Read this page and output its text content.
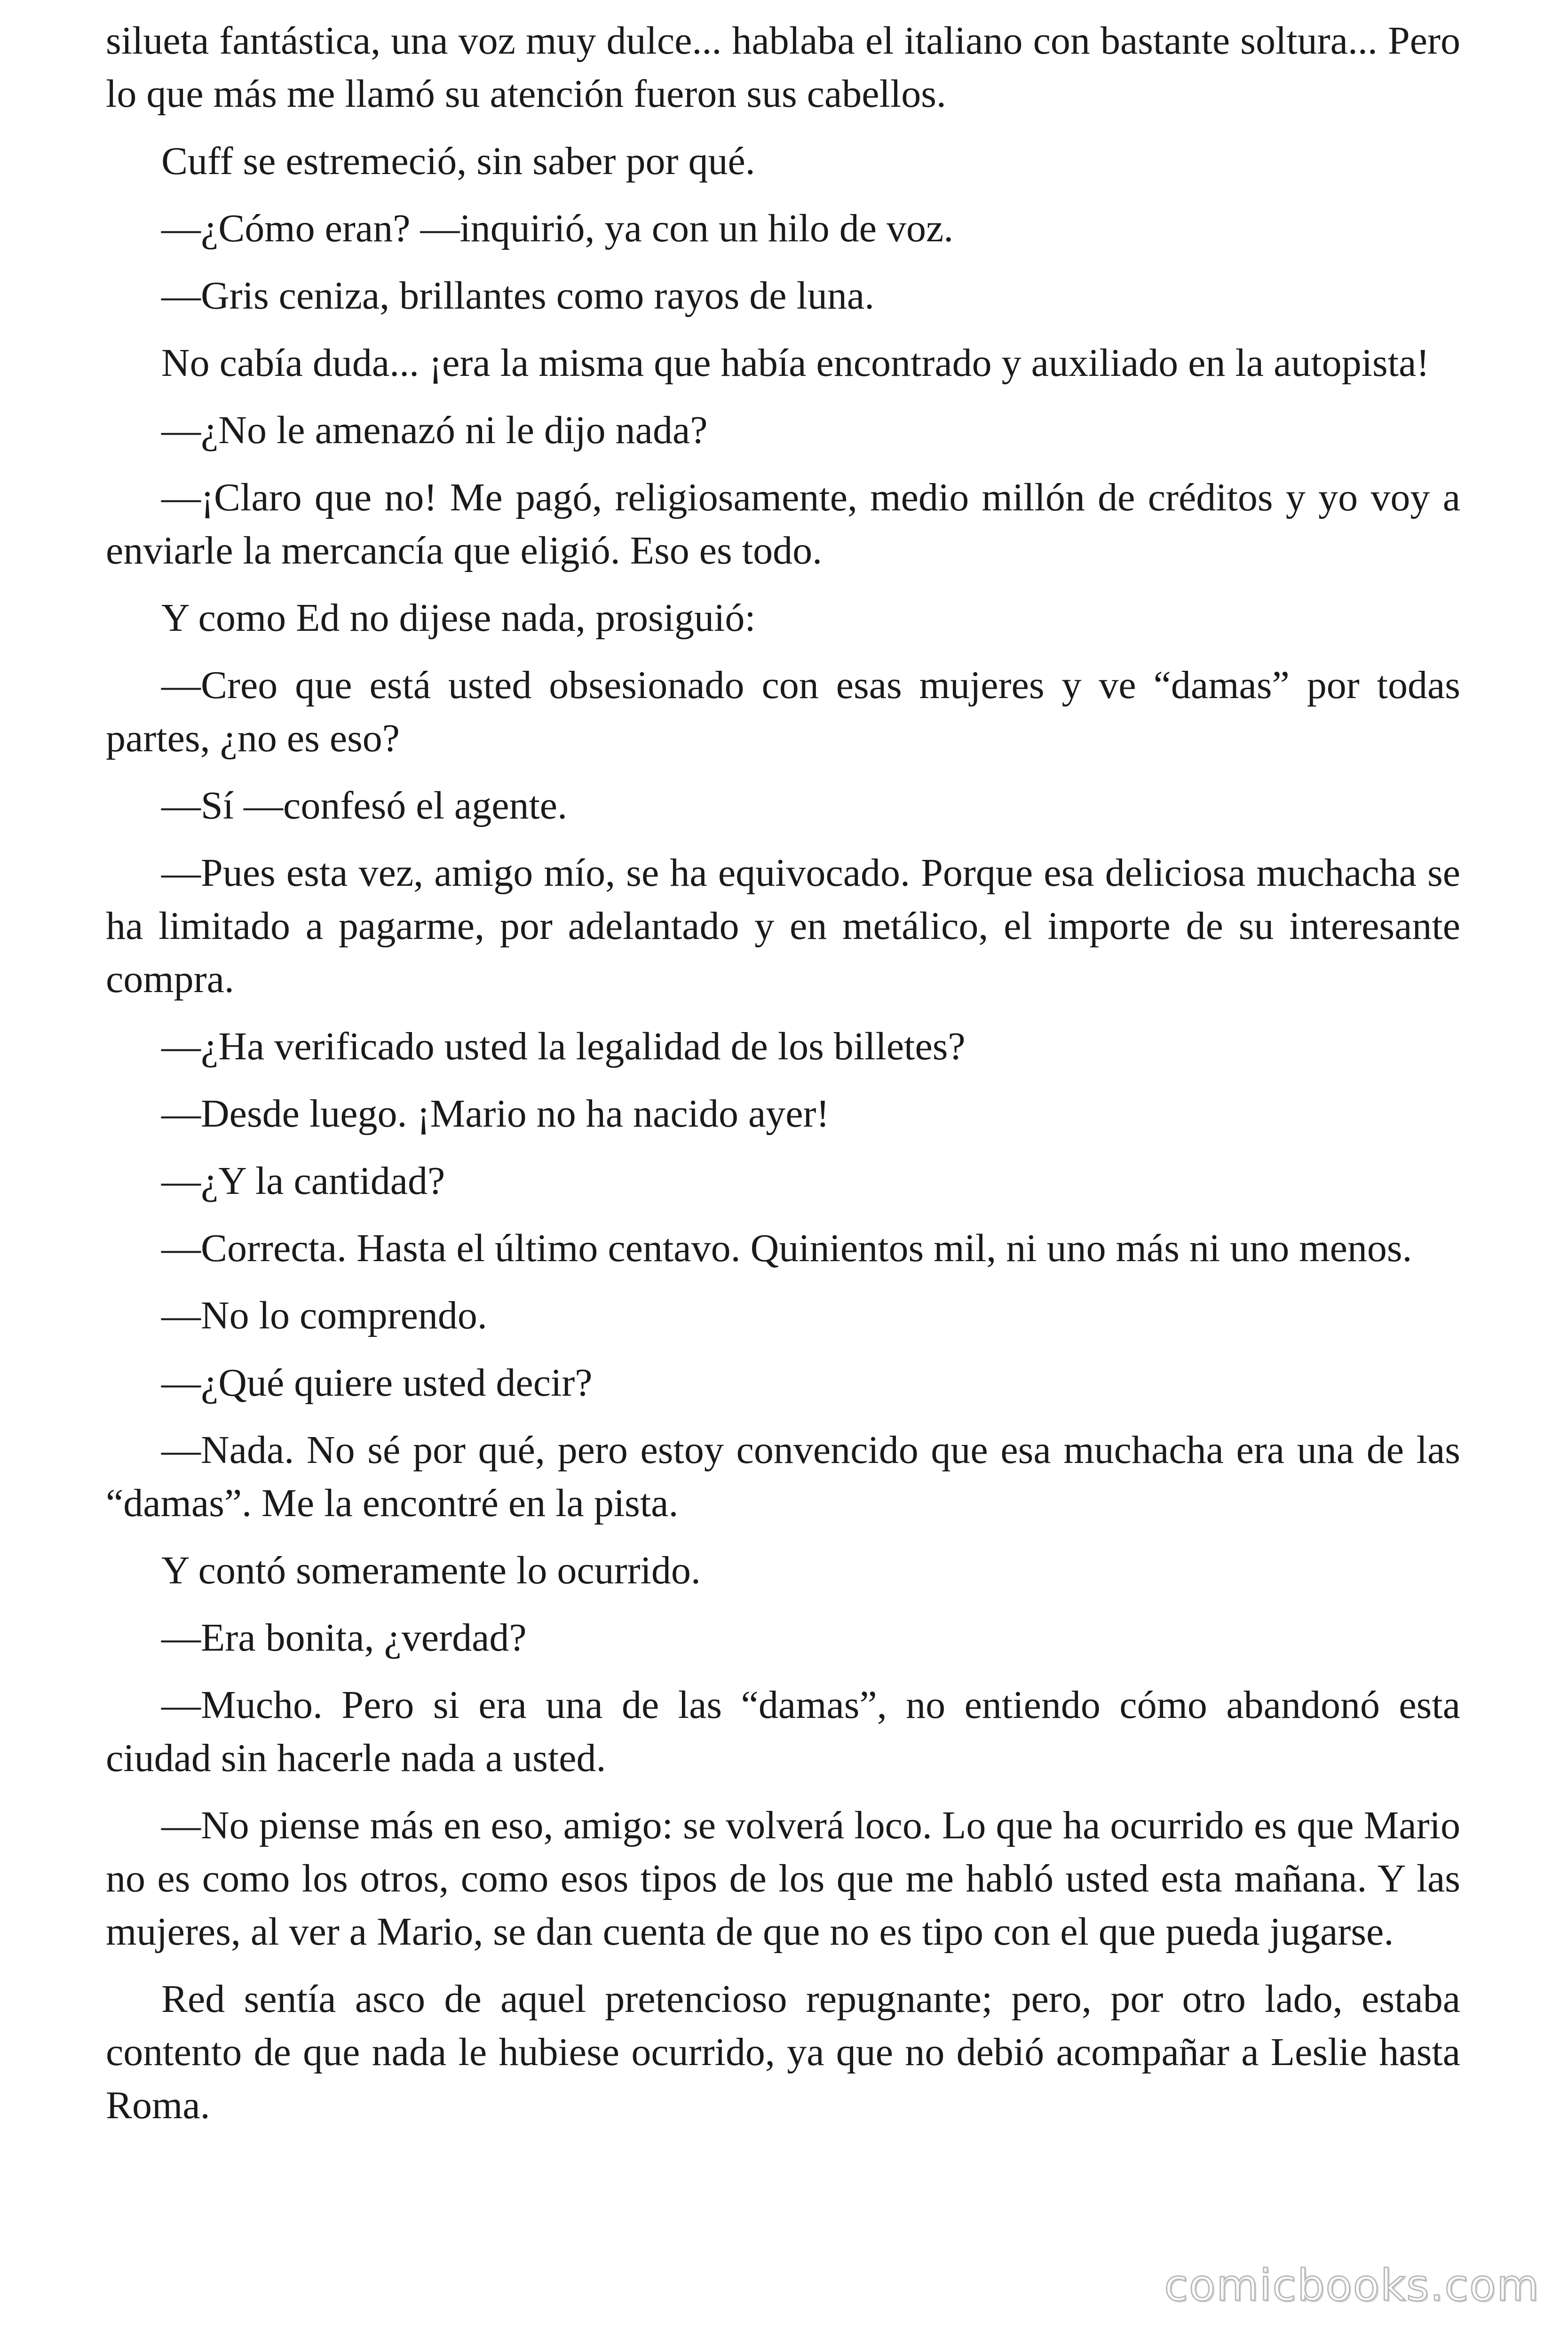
silueta fantástica, una voz muy dulce... hablaba el italiano con bastante soltura... Pero lo que más me llamó su atención fueron sus cabellos.

Cuff se estremeció, sin saber por qué.

—¿Cómo eran? —inquirió, ya con un hilo de voz.

—Gris ceniza, brillantes como rayos de luna.

No cabía duda... ¡era la misma que había encontrado y auxiliado en la autopista!

—¿No le amenazó ni le dijo nada?

—¡Claro que no! Me pagó, religiosamente, medio millón de créditos y yo voy a enviarle la mercancía que eligió. Eso es todo.

Y como Ed no dijese nada, prosiguió:

—Creo que está usted obsesionado con esas mujeres y ve “damas” por todas partes, ¿no es eso?

—Sí —confesó el agente.

—Pues esta vez, amigo mío, se ha equivocado. Porque esa deliciosa muchacha se ha limitado a pagarme, por adelantado y en metálico, el importe de su interesante compra.

—¿Ha verificado usted la legalidad de los billetes?

—Desde luego. ¡Mario no ha nacido ayer!

—¿Y la cantidad?

—Correcta. Hasta el último centavo. Quinientos mil, ni uno más ni uno menos.

—No lo comprendo.

—¿Qué quiere usted decir?

—Nada. No sé por qué, pero estoy convencido que esa muchacha era una de las “damas”. Me la encontré en la pista.

Y contó someramente lo ocurrido.

—Era bonita, ¿verdad?

—Mucho. Pero si era una de las “damas”, no entiendo cómo abandonó esta ciudad sin hacerle nada a usted.

—No piense más en eso, amigo: se volverá loco. Lo que ha ocurrido es que Mario no es como los otros, como esos tipos de los que me habló usted esta mañana. Y las mujeres, al ver a Mario, se dan cuenta de que no es tipo con el que pueda jugarse.

Red sentía asco de aquel pretencioso repugnante; pero, por otro lado, estaba contento de que nada le hubiese ocurrido, ya que no debió acompañar a Leslie hasta Roma.

comicbooks.com
